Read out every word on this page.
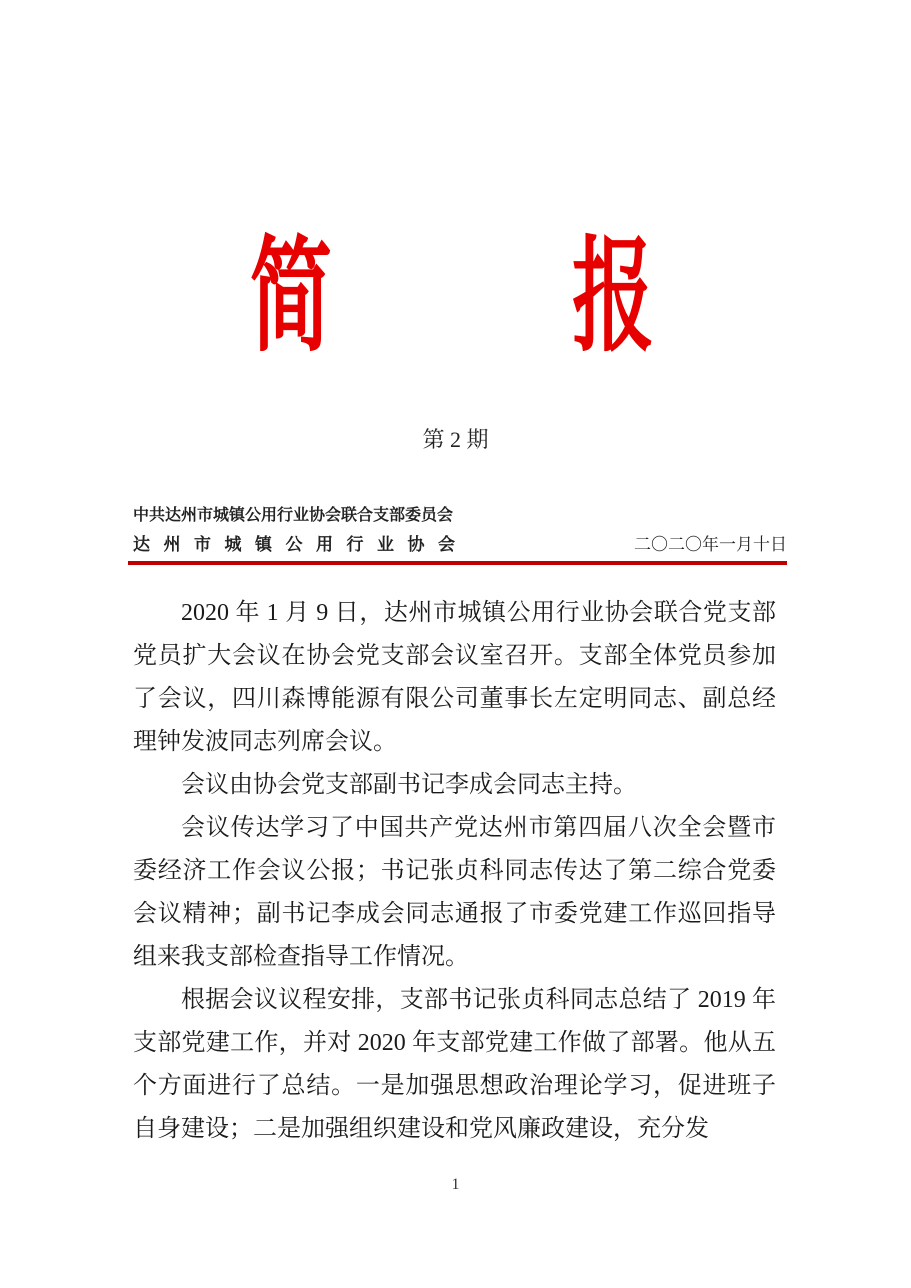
简 报
第 2 期
中共达州市城镇公用行业协会联合支部委员会
达州市城镇公用行业协会	二〇二〇年一月十日

2020 年 1 月 9 日，达州市城镇公用行业协会联合党支部党员扩大会议在协会党支部会议室召开。支部全体党员参加了会议，四川森博能源有限公司董事长左定明同志、副总经理钟发波同志列席会议。

会议由协会党支部副书记李成会同志主持。

会议传达学习了中国共产党达州市第四届八次全会暨市委经济工作会议公报；书记张贞科同志传达了第二综合党委会议精神；副书记李成会同志通报了市委党建工作巡回指导组来我支部检查指导工作情况。

根据会议议程安排，支部书记张贞科同志总结了 2019 年支部党建工作，并对 2020 年支部党建工作做了部署。他从五个方面进行了总结。一是加强思想政治理论学习，促进班子自身建设；二是加强组织建设和党风廉政建设，充分发

1
